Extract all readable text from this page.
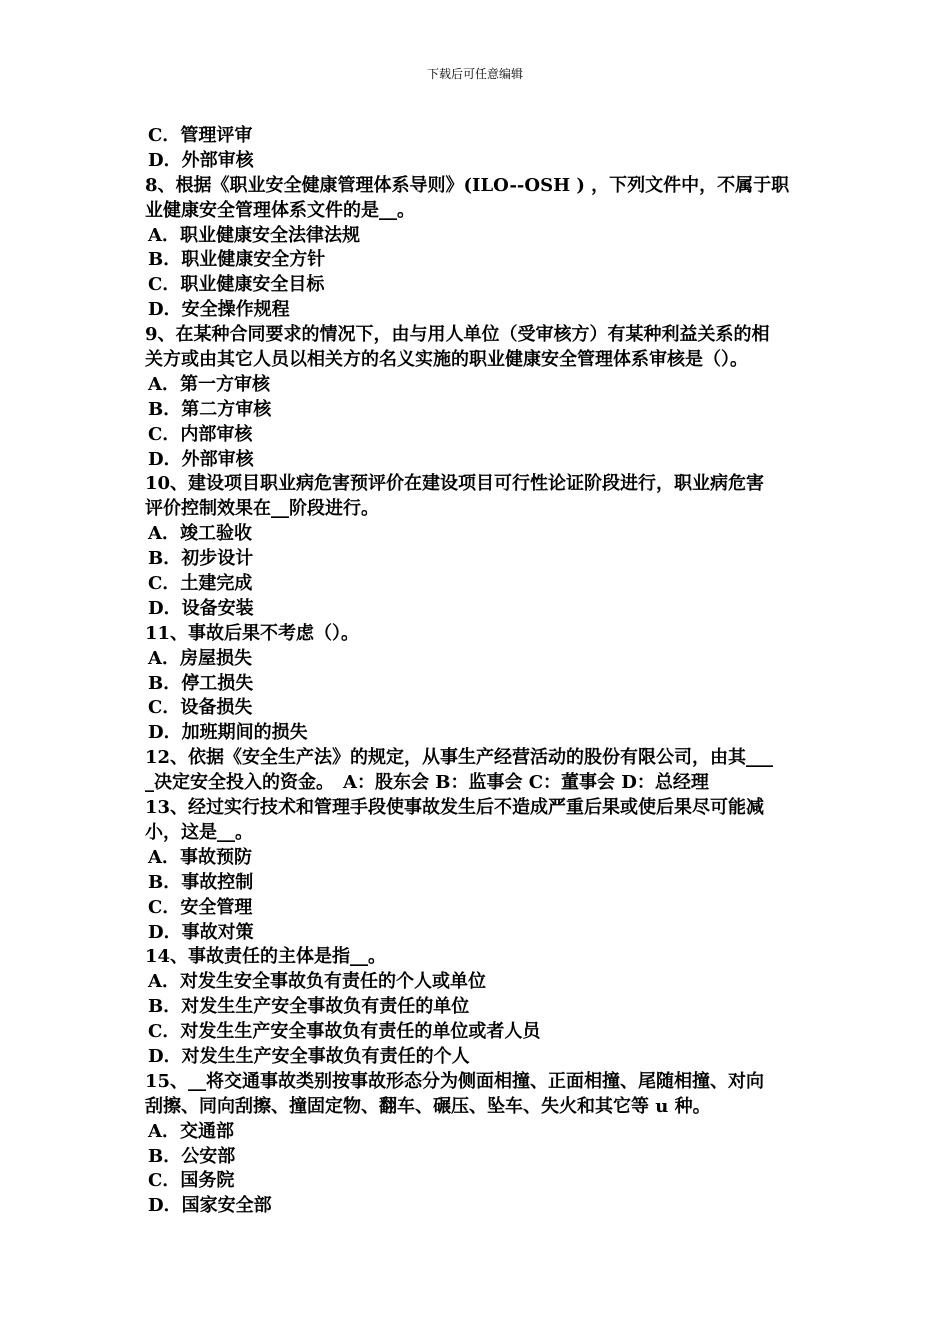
下载后可任意编辑
C．管理评审
D．外部审核
8、根据《职业安全健康管理体系导则》(ILO--OSH ) ，下列文件中，不属于职
业健康安全管理体系文件的是__。
A．职业健康安全法律法规
B．职业健康安全方针
C．职业健康安全目标
D．安全操作规程
9、在某种合同要求的情况下，由与用人单位（受审核方）有某种利益关系的相
关方或由其它人员以相关方的名义实施的职业健康安全管理体系审核是（）。
A．第一方审核
B．第二方审核
C．内部审核
D．外部审核
10、建设项目职业病危害预评价在建设项目可行性论证阶段进行，职业病危害
评价控制效果在__阶段进行。
A．竣工验收
B．初步设计
C．土建完成
D．设备安装
11、事故后果不考虑（）。
A．房屋损失
B．停工损失
C．设备损失
D．加班期间的损失
12、依据《安全生产法》的规定，从事生产经营活动的股份有限公司，由其___
_决定安全投入的资金。　A：股东会 B：监事会 C：董事会 D：总经理
13、经过实行技术和管理手段使事故发生后不造成严重后果或使后果尽可能减
小，这是__。
A．事故预防
B．事故控制
C．安全管理
D．事故对策
14、事故责任的主体是指__。
A．对发生安全事故负有责任的个人或单位
B．对发生生产安全事故负有责任的单位
C．对发生生产安全事故负有责任的单位或者人员
D．对发生生产安全事故负有责任的个人
15、__将交通事故类别按事故形态分为侧面相撞、正面相撞、尾随相撞、对向
刮擦、同向刮擦、撞固定物、翻车、碾压、坠车、失火和其它等 u 种。
A．交通部
B．公安部
C．国务院
D．国家安全部
